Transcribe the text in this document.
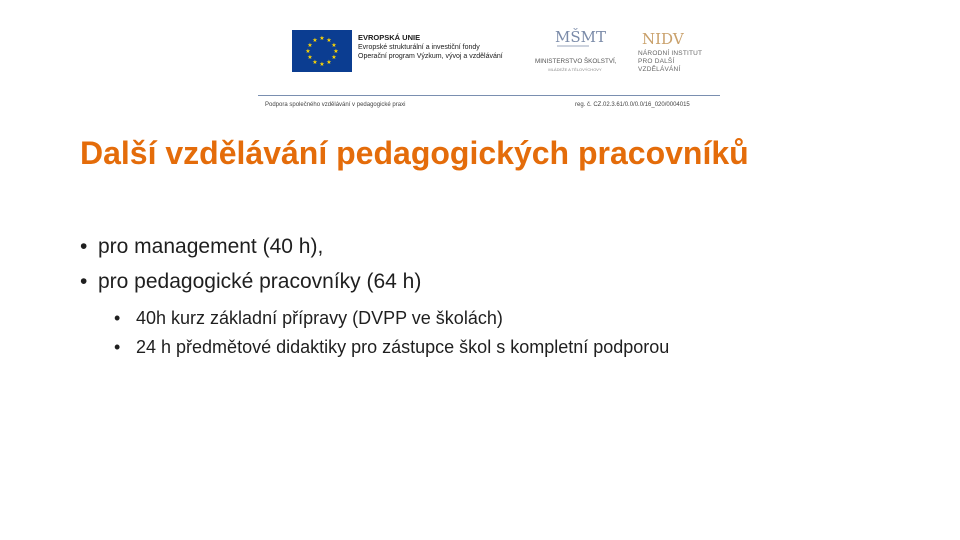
★ ★
★
★
★
★
★
★
★
★
★
★	EVROPSKÁ UNIE
Evropské strukturální a investiční fondy
Operační program Výzkum, vývoj a vzdělávání
MŠMT
MINISTERSTVO ŠKOLSTVÍ,
MLÁDEŽE A TĚLOVÝCHOVY
NIDV
NÁRODNÍ INSTITUT
PRO DALŠÍ
VZDĚLÁVÁNÍ
Podpora společného vzdělávání v pedagogické praxi	reg. č. CZ.02.3.61/0.0/0.0/16_020/0004015
Další vzdělávání pedagogických pracovníků
• pro management (40 h),
• pro pedagogické pracovníky (64 h)
• 40h kurz základní přípravy (DVPP ve školách)
• 24 h předmětové didaktiky pro zástupce škol s kompletní podporou
